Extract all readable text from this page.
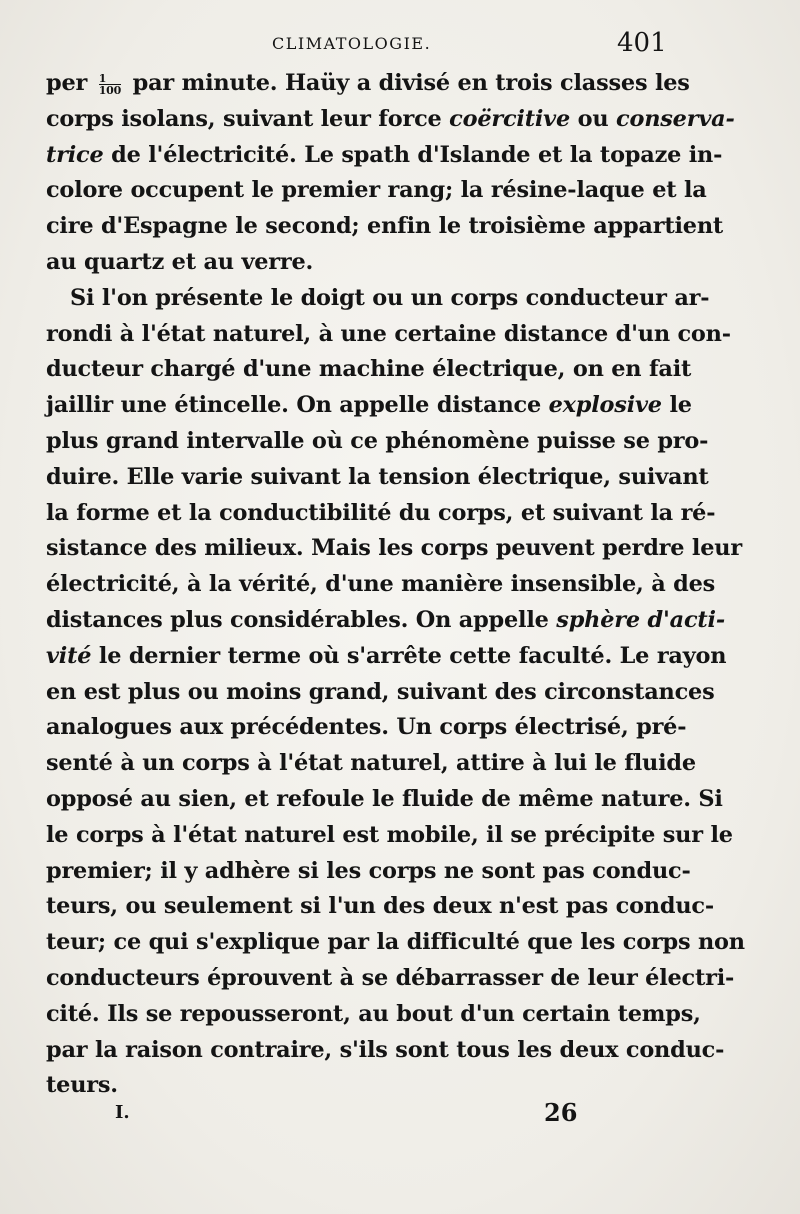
CLIMATOLOGIE.	401
per $\frac{1}{100}$ par minute. Haüy a divisé en trois classes les
corps isolans, suivant leur force coërcitive ou conserva-
trice de l'électricité. Le spath d'Islande et la topaze in-
colore occupent le premier rang; la résine-laque et la
cire d'Espagne le second; enfin le troisième appartient
au quartz et au verre.
Si l'on présente le doigt ou un corps conducteur ar-
rondi à l'état naturel, à une certaine distance d'un con-
ducteur chargé d'une machine électrique, on en fait
jaillir une étincelle. On appelle distance explosive le
plus grand intervalle où ce phénomène puisse se pro-
duire. Elle varie suivant la tension électrique, suivant
la forme et la conductibilité du corps, et suivant la ré-
sistance des milieux. Mais les corps peuvent perdre leur
électricité, à la vérité, d'une manière insensible, à des
distances plus considérables. On appelle sphère d'acti-
vité le dernier terme où s'arrête cette faculté. Le rayon
en est plus ou moins grand, suivant des circonstances
analogues aux précédentes. Un corps électrisé, pré-
senté à un corps à l'état naturel, attire à lui le fluide
opposé au sien, et refoule le fluide de même nature. Si
le corps à l'état naturel est mobile, il se précipite sur le
premier; il y adhère si les corps ne sont pas conduc-
teurs, ou seulement si l'un des deux n'est pas conduc-
teur; ce qui s'explique par la difficulté que les corps non
conducteurs éprouvent à se débarrasser de leur électri-
cité. Ils se repousseront, au bout d'un certain temps,
par la raison contraire, s'ils sont tous les deux conduc-
teurs.
I.	26
